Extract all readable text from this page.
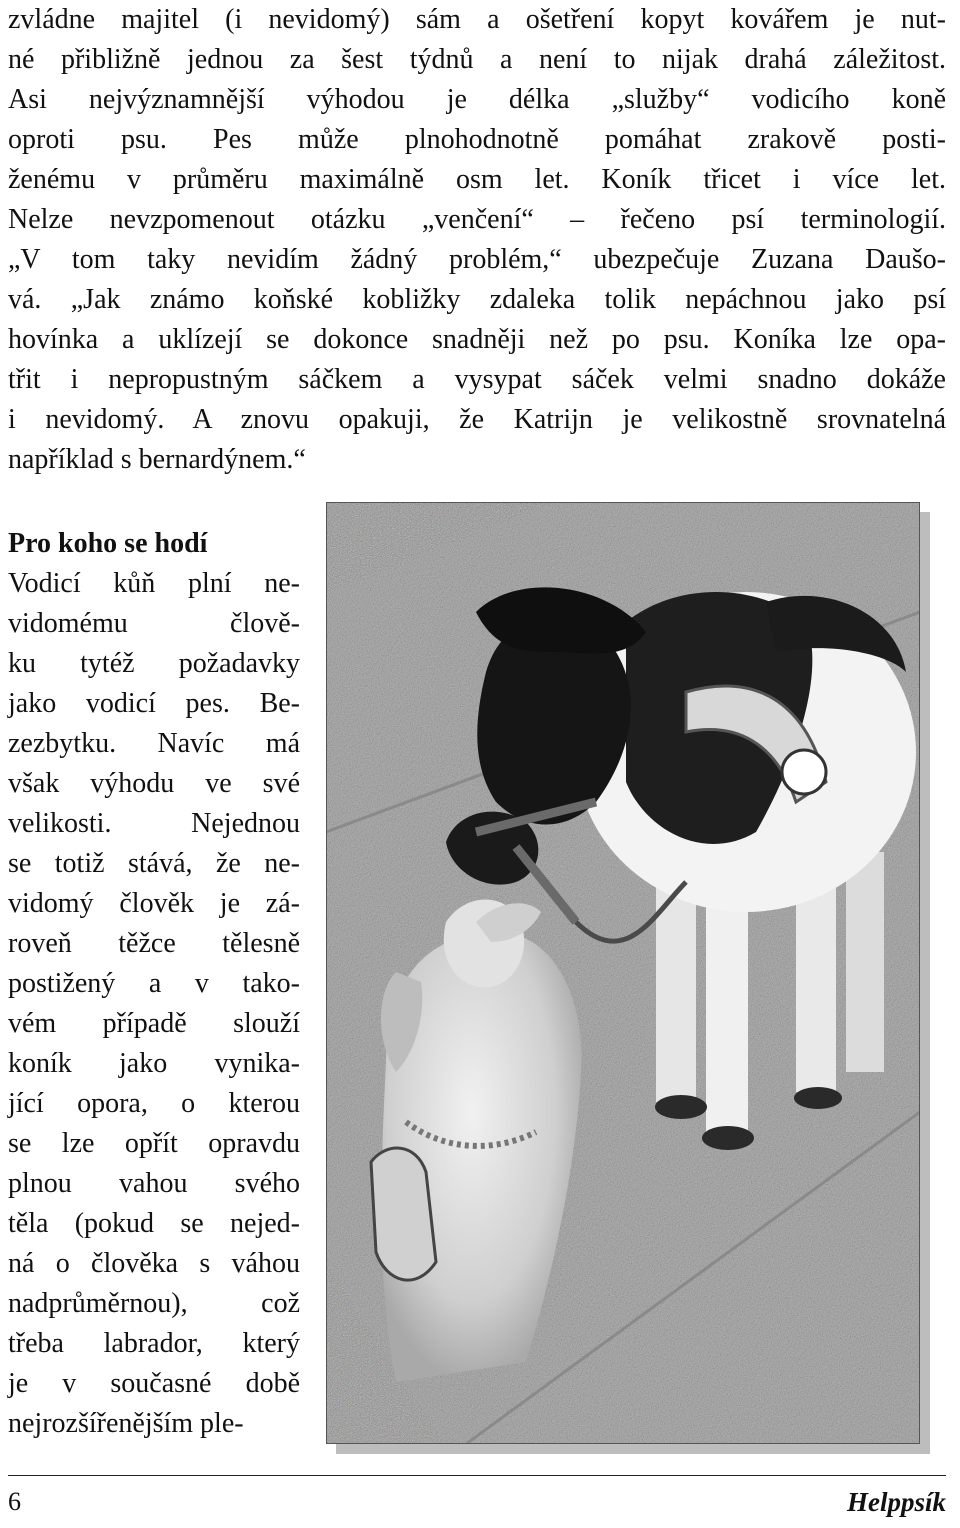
zvládne majitel (i nevidomý) sám a ošetření kopyt kovářem je nut-
né přibližně jednou za šest týdnů a není to nijak drahá záležitost.
Asi nejvýznamnější výhodou je délka „služby“ vodicího koně
oproti psu. Pes může plnohodnotně pomáhat zrakově posti-
ženému v průměru maximálně osm let. Koník třicet i více let.
Nelze nevzpomenout otázku „venčení“ – řečeno psí terminologií.
„V tom taky nevidím žádný problém,“ ubezpečuje Zuzana Daušo-
vá. „Jak známo koňské kobližky zdaleka tolik nepáchnou jako psí
hovínka a uklízejí se dokonce snadněji než po psu. Koníka lze opa-
třit i nepropustným sáčkem a vysypat sáček velmi snadno dokáže
i nevidomý. A znovu opakuji, že Katrijn je velikostně srovnatelná
například s bernardýnem.“
Pro koho se hodí
Vodicí kůň plní ne-
vidomému člově-
ku tytéž požadavky
jako vodicí pes. Be-
zezbytku. Navíc má
však výhodu ve své
velikosti. Nejednou
se totiž stává, že ne-
vidomý člověk je zá-
roveň těžce tělesně
postižený a v tako-
vém případě slouží
koník jako vynika-
jící opora, o kterou
se lze opřít opravdu
plnou vahou svého
těla (pokud se nejed-
ná o člověka s váhou
nadprůměrnou), což
třeba labrador, který
je v současné době
nejrozšířenějším ple-
6	Helppsík
